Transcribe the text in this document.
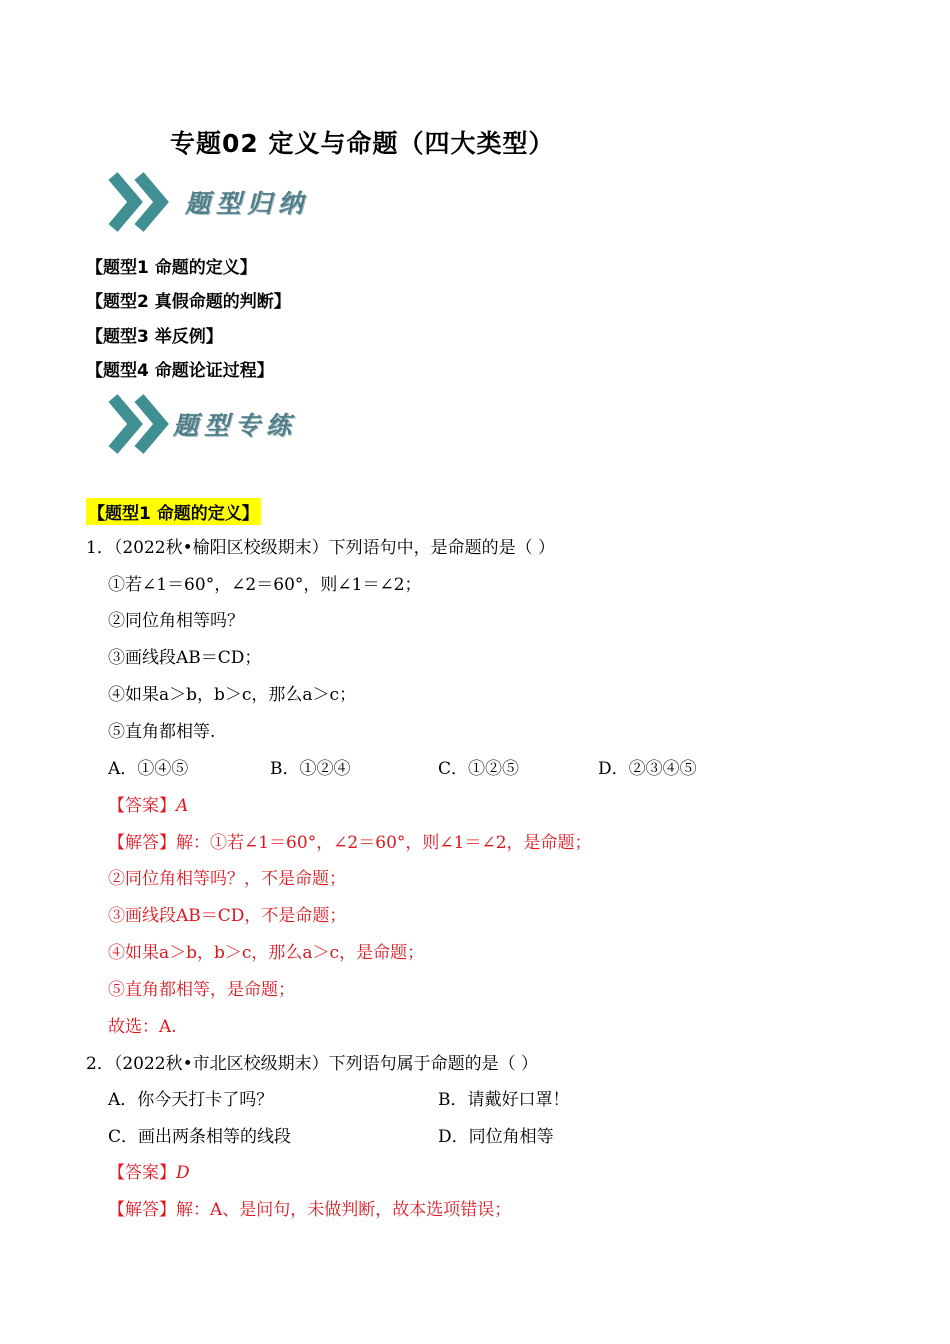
专题02 定义与命题（四大类型）
题型归纳
【题型1 命题的定义】
【题型2 真假命题的判断】
【题型3 举反例】
【题型4 命题论证过程】
题型专练
【题型1 命题的定义】
1．（2022秋•榆阳区校级期末）下列语句中，是命题的是（ ）
①若∠1＝60°，∠2＝60°，则∠1＝∠2；
②同位角相等吗？
③画线段AB＝CD；
④如果a＞b，b＞c，那么a＞c；
⑤直角都相等.
A．①④⑤	B．①②④	C．①②⑤	D．②③④⑤
【答案】A
【解答】解：①若∠1＝60°，∠2＝60°，则∠1＝∠2，是命题；
②同位角相等吗？，不是命题；
③画线段AB＝CD，不是命题；
④如果a＞b，b＞c，那么a＞c，是命题；
⑤直角都相等，是命题；
故选：A.
2．（2022秋•市北区校级期末）下列语句属于命题的是（ ）
A．你今天打卡了吗？	B．请戴好口罩！
C．画出两条相等的线段	D．同位角相等
【答案】D
【解答】解：A、是问句，未做判断，故本选项错误；
